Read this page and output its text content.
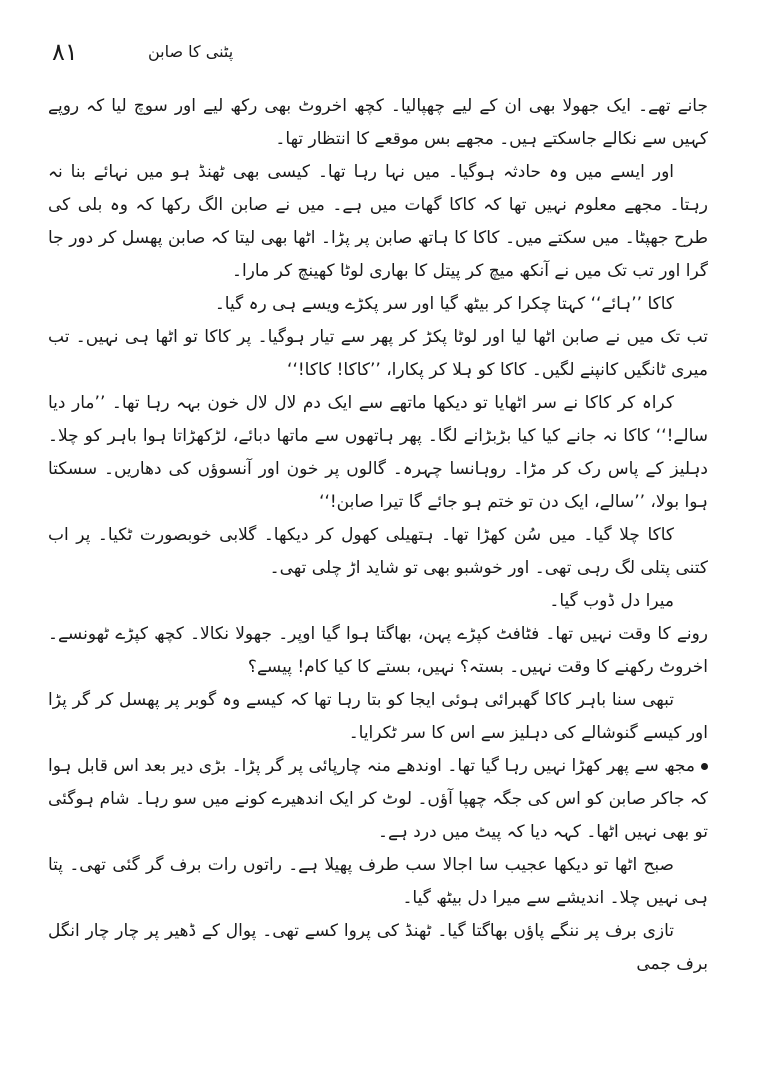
٨١	پٹنی کا صابن

جانے تھے۔ ایک جھولا بھی ان کے لیے چھپالیا۔ کچھ اخروٹ بھی رکھ لیے اور سوچ لیا کہ روپے کہیں سے نکالے جاسکتے ہیں۔ مجھے بس موقعے کا انتظار تھا۔

اور ایسے میں وہ حادثہ ہوگیا۔ میں نہا رہا تھا۔ کیسی بھی ٹھنڈ ہو میں نہائے بنا نہ رہتا۔ مجھے معلوم نہیں تھا کہ کاکا گھات میں ہے۔ میں نے صابن الگ رکھا کہ وہ بلی کی طرح جھپٹا۔ میں سکتے میں۔ کاکا کا ہاتھ صابن پر پڑا۔ اٹھا بھی لیتا کہ صابن پھسل کر دور جا گرا اور تب تک میں نے آنکھ میچ کر پیتل کا بھاری لوٹا کھینچ کر مارا۔

کاکا ’’ہائے‘‘ کہتا چکرا کر بیٹھ گیا اور سر پکڑے ویسے ہی رہ گیا۔

تب تک میں نے صابن اٹھا لیا اور لوٹا پکڑ کر پھر سے تیار ہوگیا۔ پر کاکا تو اٹھا ہی نہیں۔ تب میری ٹانگیں کانپنے لگیں۔ کاکا کو ہلا کر پکارا، ’’کاکا! کاکا!‘‘

کراہ کر کاکا نے سر اٹھایا تو دیکھا ماتھے سے ایک دم لال لال خون بہہ رہا تھا۔ ’’مار دیا سالے!‘‘ کاکا نہ جانے کیا کیا بڑبڑانے لگا۔ پھر ہاتھوں سے ماتھا دبائے، لڑکھڑاتا ہوا باہر کو چلا۔ دہلیز کے پاس رک کر مڑا۔ روہانسا چہرہ۔ گالوں پر خون اور آنسوؤں کی دھاریں۔ سسکتا ہوا بولا، ’’سالے، ایک دن تو ختم ہو جائے گا تیرا صابن!‘‘

کاکا چلا گیا۔ میں سُن کھڑا تھا۔ ہتھیلی کھول کر دیکھا۔ گلابی خوبصورت ٹکیا۔ پر اب کتنی پتلی لگ رہی تھی۔ اور خوشبو بھی تو شاید اڑ چلی تھی۔

میرا دل ڈوب گیا۔

رونے کا وقت نہیں تھا۔ فٹافٹ کپڑے پہن، بھاگتا ہوا گیا اوپر۔ جھولا نکالا۔ کچھ کپڑے ٹھونسے۔ اخروٹ رکھنے کا وقت نہیں۔ بستہ؟ نہیں، بستے کا کیا کام! پیسے؟

تبھی سنا باہر کاکا گھبرائی ہوئی ایجا کو بتا رہا تھا کہ کیسے وہ گوبر پر پھسل کر گر پڑا اور کیسے گنوشالے کی دہلیز سے اس کا سر ٹکرایا۔

مجھ سے پھر کھڑا نہیں رہا گیا تھا۔ اوندھے منہ چارپائی پر گر پڑا۔ بڑی دیر بعد اس قابل ہوا کہ جاکر صابن کو اس کی جگہ چھپا آؤں۔ لوٹ کر ایک اندھیرے کونے میں سو رہا۔ شام ہوگئی تو بھی نہیں اٹھا۔ کہہ دیا کہ پیٹ میں درد ہے۔

صبح اٹھا تو دیکھا عجیب سا اجالا سب طرف پھیلا ہے۔ راتوں رات برف گر گئی تھی۔ پتا ہی نہیں چلا۔ اندیشے سے میرا دل بیٹھ گیا۔

تازی برف پر ننگے پاؤں بھاگتا گیا۔ ٹھنڈ کی پروا کسے تھی۔ پوال کے ڈھیر پر چار چار انگل برف جمی
